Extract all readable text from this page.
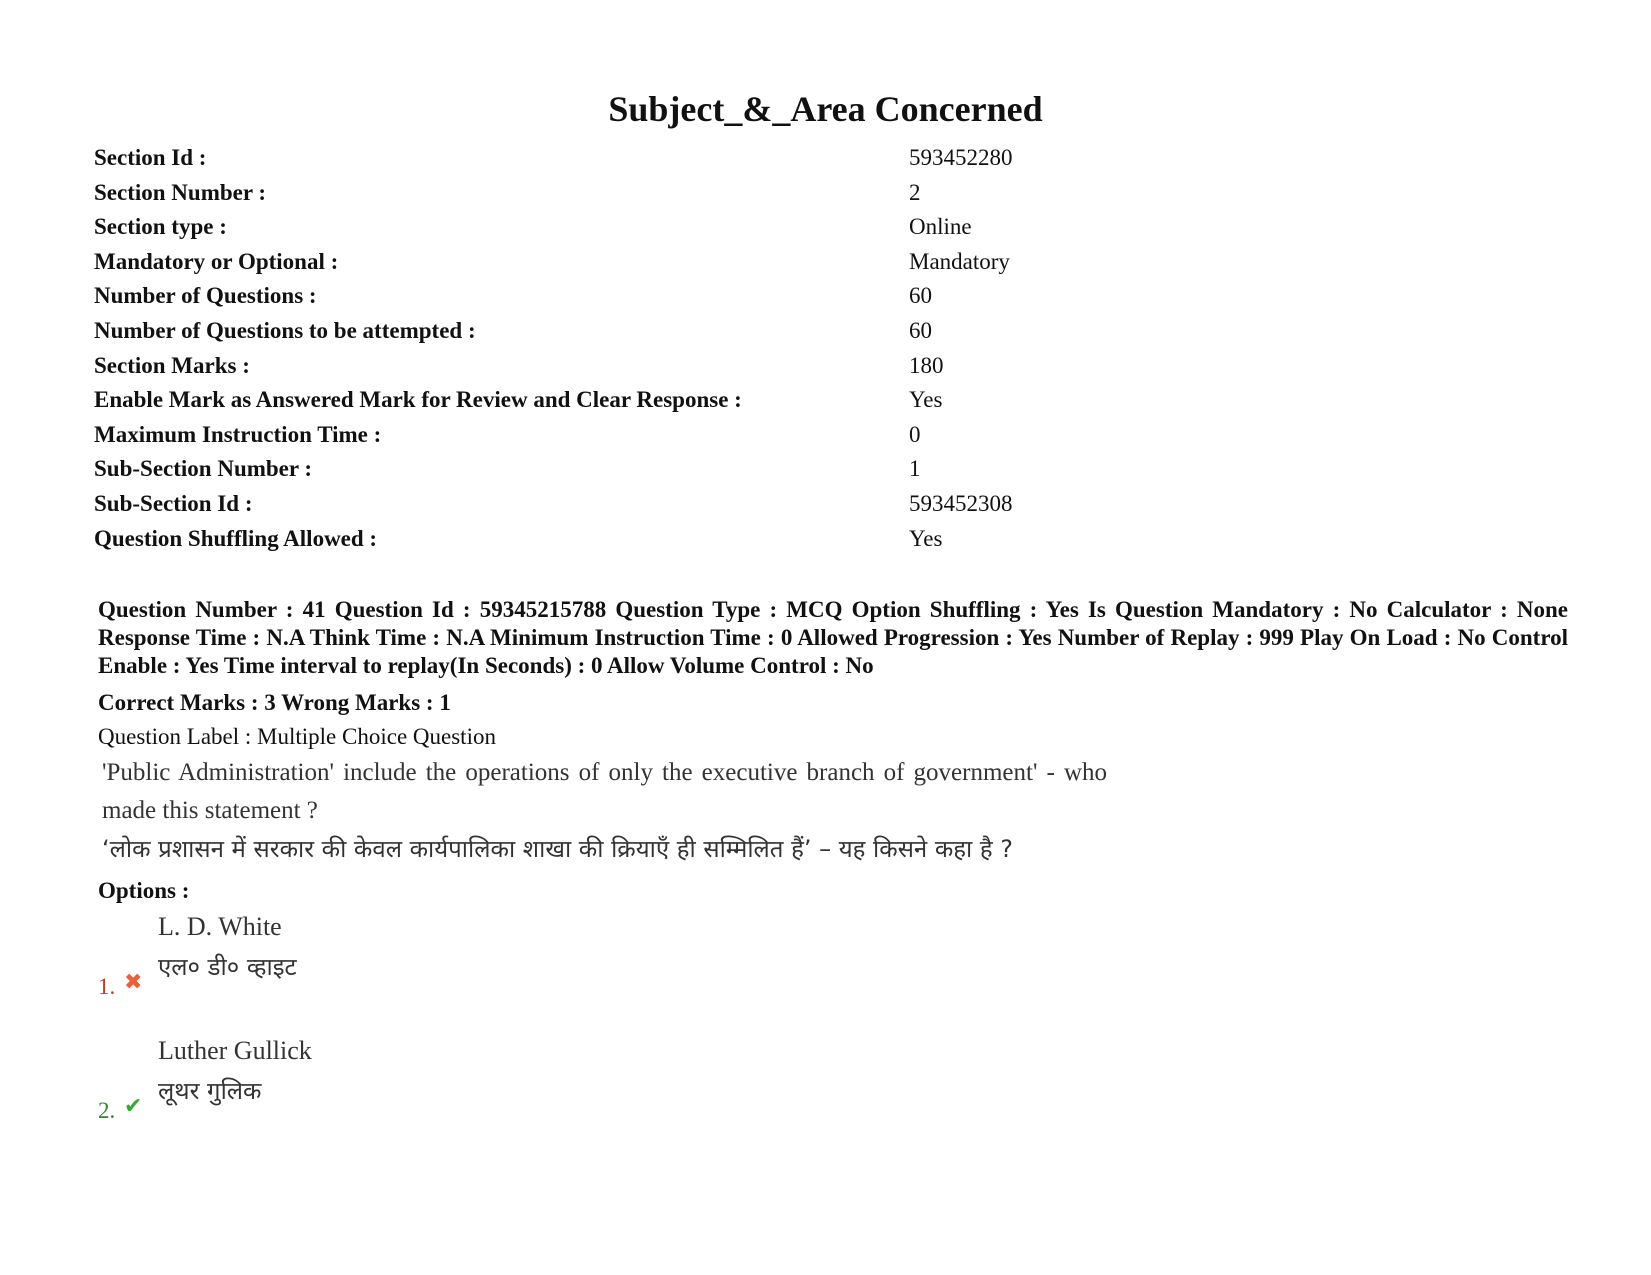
Subject_&_Area Concerned
Section Id :	593452280
Section Number :	2
Section type :	Online
Mandatory or Optional :	Mandatory
Number of Questions :	60
Number of Questions to be attempted :	60
Section Marks :	180
Enable Mark as Answered Mark for Review and Clear Response :	Yes
Maximum Instruction Time :	0
Sub-Section Number :	1
Sub-Section Id :	593452308
Question Shuffling Allowed :	Yes

Question Number : 41 Question Id : 59345215788 Question Type : MCQ Option Shuffling : Yes Is Question Mandatory : No Calculator : None Response Time : N.A Think Time : N.A Minimum Instruction Time : 0 Allowed Progression : Yes Number of Replay : 999 Play On Load : No Control Enable : Yes Time interval to replay(In Seconds) : 0 Allow Volume Control : No

Correct Marks : 3 Wrong Marks : 1

Question Label : Multiple Choice Question

'Public Administration' include the operations of only the executive branch of government' - who made this statement ?

‘लोक प्रशासन में सरकार की केवल कार्यपालिका शाखा की क्रियाएँ ही सम्मिलित हैं’ – यह किसने कहा है ?

Options :

1. ✖
L. D. White
एल० डी० व्हाइट
2. ✔
Luther Gullick
लूथर गुलिक
